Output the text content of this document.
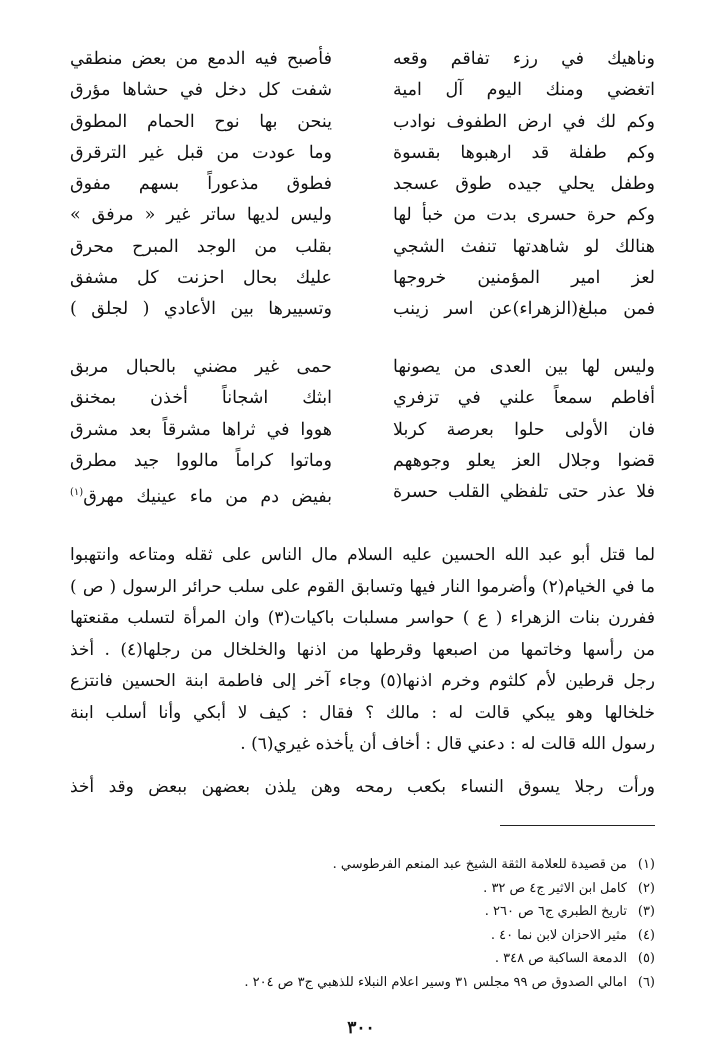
وناهيك في رزء تفاقم وقعه
فأصبح فيه الدمع من بعض منطقي
اتغضي ومنك اليوم آل امية
شفت كل دخل في حشاها مؤرق
وكم لك في ارض الطفوف نوادب
ينحن بها نوح الحمام المطوق
وكم طفلة قد ارهبوها بقسوة
وما عودت من قبل غير الترقرق
وطفل يحلي جيده طوق عسجد
فطوق مذعوراً بسهم مفوق
وكم حرة حسرى بدت من خبأ لها
وليس لديها ساتر غير « مرفق »
هنالك لو شاهدتها تنفث الشجي
بقلب من الوجد المبرح محرق
لعز امير المؤمنين خروجها
عليك بحال احزنت كل مشفق
فمن مبلغ(الزهراء)عن اسر زينب
وتسييرها بين الأعادي ( لجلق )
وليس لها بين العدى من يصونها
حمى غير مضني بالحبال مربق
أفاطم سمعاً علني في تزفري
ابثك اشجاناً أخذن بمخنق
فان الأولى حلوا بعرصة كربلا
هووا في ثراها مشرقاً بعد مشرق
قضوا وجلال العز يعلو وجوههم
وماتوا كراماً مالووا جيد مطرق
فلا عذر حتى تلفظي القلب حسرة
بفيض دم من ماء عينيك مهرق$^{(١)}$
لما قتل أبو عبد الله الحسين عليه السلام مال الناس على ثقله ومتاعه وانتهبوا
ما في الخيام(٢) وأضرموا النار فيها وتسابق القوم على سلب حرائر الرسول ( ص )
ففررن بنات الزهراء ( ع ) حواسر مسلبات باكيات(٣) وان المرأة لتسلب مقنعتها
من رأسها وخاتمها من اصبعها وقرطها من اذنها والخلخال من رجلها(٤) . أخذ
رجل قرطين لأم كلثوم وخرم اذنها(٥) وجاء آخر إلى فاطمة ابنة الحسين فانتزع
خلخالها وهو يبكي قالت له : مالك ؟ فقال : كيف لا أبكي وأنا أسلب ابنة
رسول الله قالت له : دعني قال : أخاف أن يأخذه غيري(٦) .
ورأت رجلا يسوق النساء بكعب رمحه وهن يلذن بعضهن ببعض وقد أخذ
(١)من قصيدة للعلامة الثقة الشيخ عبد المنعم الفرطوسي .
(٢)كامل ابن الاثير ج٤ ص ٣٢ .
(٣)تاريخ الطبري ج٦ ص ٢٦٠ .
(٤)مثير الاحزان لابن نما ٤٠ .
(٥)الدمعة الساكبة ص ٣٤٨ .
(٦)امالي الصدوق ص ٩٩ مجلس ٣١ وسير اعلام النبلاء للذهبي ج٣ ص ٢٠٤ .
٣٠٠
